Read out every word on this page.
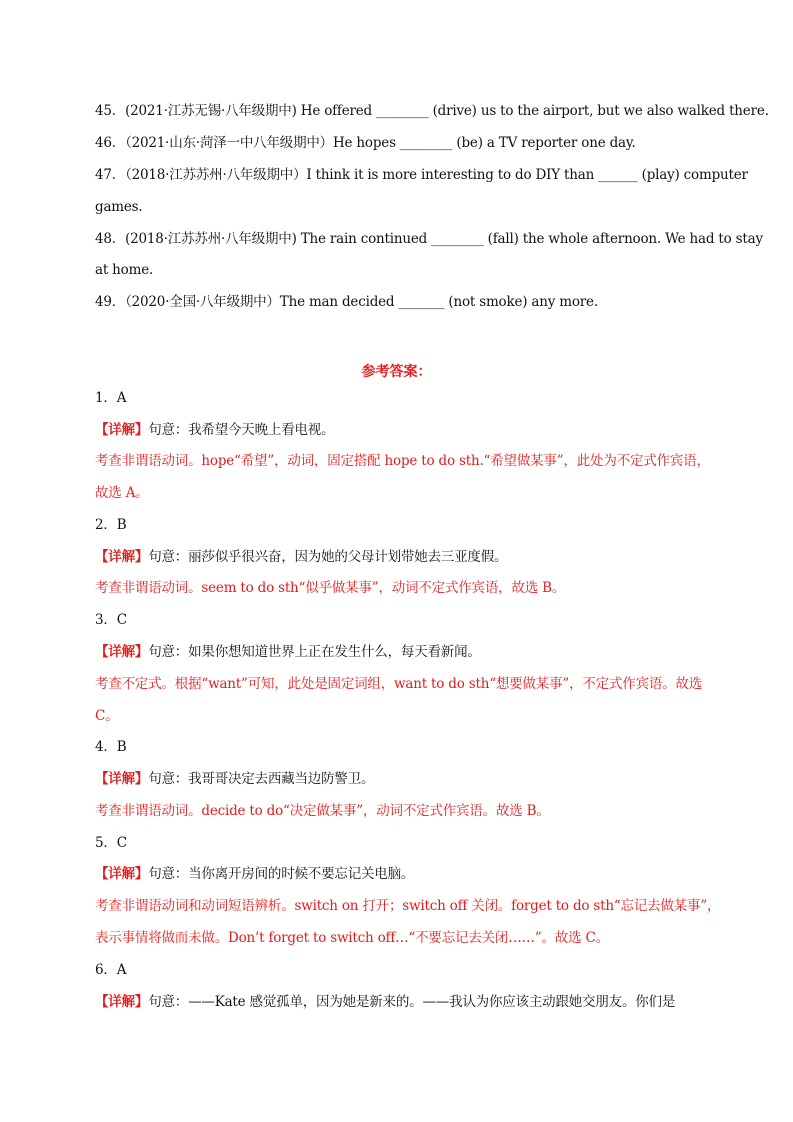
45．(2021·江苏无锡·八年级期中) He offered ________ (drive) us to the airport, but we also walked there.
46．（2021·山东·菏泽一中八年级期中）He hopes ________ (be) a TV reporter one day.
47．（2018·江苏苏州·八年级期中）I think it is more interesting to do DIY than ______ (play) computer
games.
48．(2018·江苏苏州·八年级期中) The rain continued ________ (fall) the whole afternoon. We had to stay
at home.
49．（2020·全国·八年级期中）The man decided _______ (not smoke) any more.
参考答案：
1．A
【详解】句意：我希望今天晚上看电视。
考查非谓语动词。hope“希望”，动词，固定搭配 hope to do sth.“希望做某事”，此处为不定式作宾语，
故选 A。
2．B
【详解】句意：丽莎似乎很兴奋，因为她的父母计划带她去三亚度假。
考查非谓语动词。seem to do sth“似乎做某事”，动词不定式作宾语，故选 B。
3．C
【详解】句意：如果你想知道世界上正在发生什么，每天看新闻。
考查不定式。根据“want”可知，此处是固定词组，want to do sth“想要做某事”，不定式作宾语。故选
C。
4．B
【详解】句意：我哥哥决定去西藏当边防警卫。
考查非谓语动词。decide to do“决定做某事”，动词不定式作宾语。故选 B。
5．C
【详解】句意：当你离开房间的时候不要忘记关电脑。
考查非谓语动词和动词短语辨析。switch on 打开；switch off 关闭。forget to do sth“忘记去做某事”，
表示事情将做而未做。Don’t forget to switch off…“不要忘记去关闭……”。故选 C。
6．A
【详解】句意：——Kate 感觉孤单，因为她是新来的。——我认为你应该主动跟她交朋友。你们是
